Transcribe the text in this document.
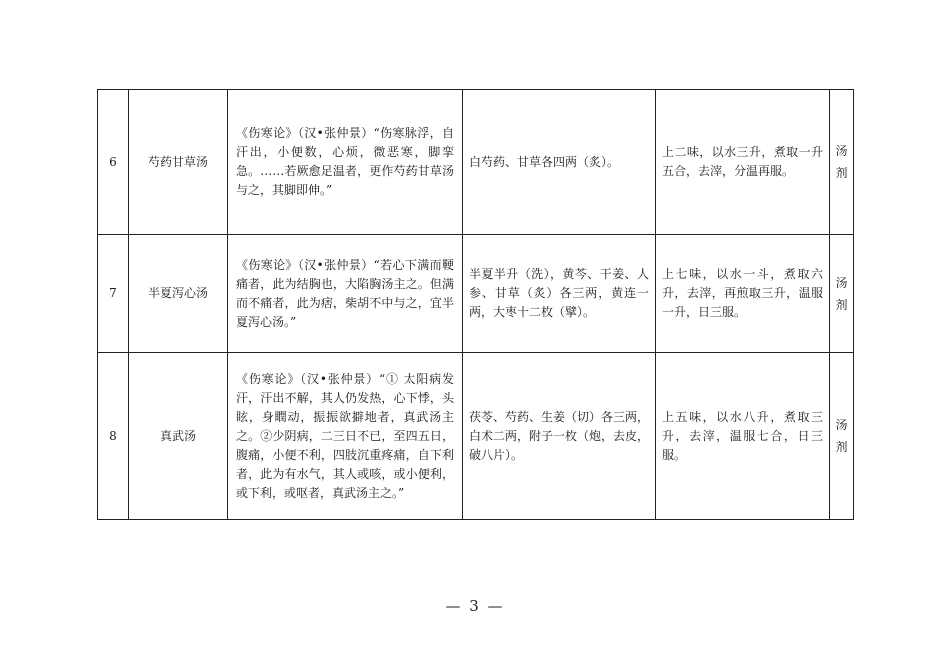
6	芍药甘草汤	《伤寒论》（汉•张仲景）“伤寒脉浮，自汗出，小便数，心烦，微恶寒，脚挛急。……若厥愈足温者，更作芍药甘草汤与之，其脚即伸。”	白芍药、甘草各四两（炙）。	上二味，以水三升，煮取一升五合，去滓，分温再服。	汤剂
7	半夏泻心汤	《伤寒论》（汉•张仲景）“若心下满而鞕痛者，此为结胸也，大陷胸汤主之。但满而不痛者，此为痞，柴胡不中与之，宜半夏泻心汤。”	半夏半升（洗），黄芩、干姜、人参、甘草（炙）各三两，黄连一两，大枣十二枚（擘）。	上七味，以水一斗，煮取六升，去滓，再煎取三升，温服一升，日三服。	汤剂
8	真武汤	《伤寒论》（汉•张仲景）“① 太阳病发汗，汗出不解，其人仍发热，心下悸，头眩，身瞤动，振振欲擗地者，真武汤主之。②少阴病，二三日不已，至四五日，腹痛，小便不利，四肢沉重疼痛，自下利者，此为有水气，其人或咳，或小便利，或下利，或呕者，真武汤主之。”	茯苓、芍药、生姜（切）各三两，白术二两，附子一枚（炮，去皮，破八片）。	上五味，以水八升，煮取三升，去滓，温服七合，日三服。	汤剂
— 3 —
